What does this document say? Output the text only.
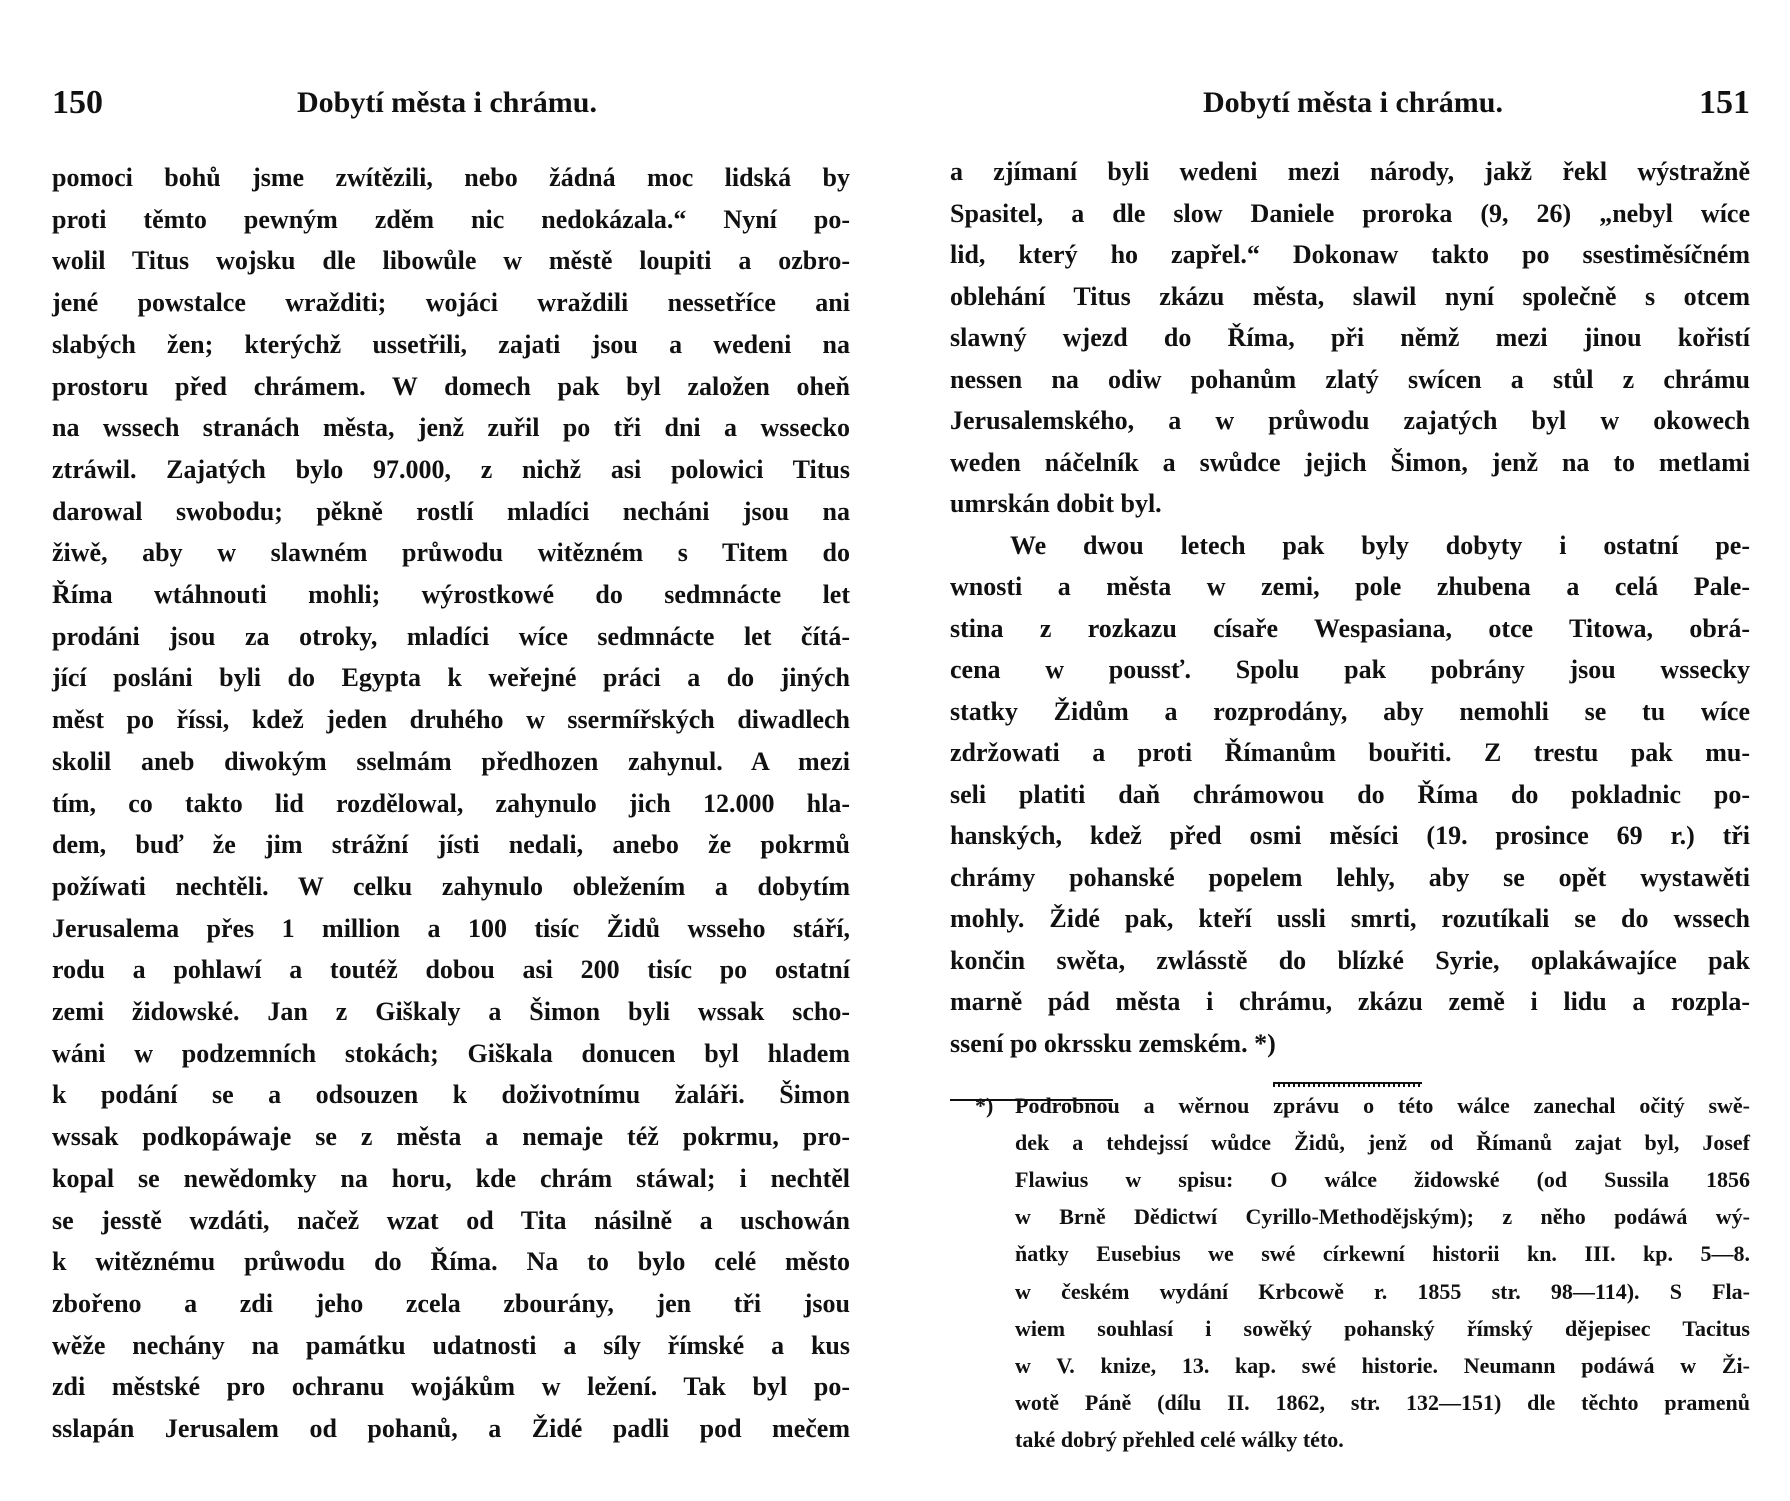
150	Dobytí města i chrámu.	Dobytí města i chrámu.	151
pomoci bohů jsme zwítězili, nebo žádná moc lidská by
proti těmto pewným zděm nic nedokázala.“ Nyní po-
wolil Titus wojsku dle libowůle w městě loupiti a ozbro-
jené powstalce wražditi; wojáci wraždili nessetříce ani
slabých žen; kterýchž ussetřili, zajati jsou a wedeni na
prostoru před chrámem. W domech pak byl založen oheň
na wssech stranách města, jenž zuřil po tři dni a wssecko
ztráwil. Zajatých bylo 97.000, z nichž asi polowici Titus
darowal swobodu; pěkně rostlí mladíci necháni jsou na
žiwě, aby w slawném průwodu witězném s Titem do
Říma wtáhnouti mohli; wýrostkowé do sedmnácte let
prodáni jsou za otroky, mladíci wíce sedmnácte let čítá-
jící posláni byli do Egypta k weřejné práci a do jiných
měst po říssi, kdež jeden druhého w ssermířských diwadlech
skolil aneb diwokým sselmám předhozen zahynul. A mezi
tím, co takto lid rozdělowal, zahynulo jich 12.000 hla-
dem, buď že jim strážní jísti nedali, anebo že pokrmů
požíwati nechtěli. W celku zahynulo obležením a dobytím
Jerusalema přes 1 million a 100 tisíc Židů wsseho stáří,
rodu a pohlawí a toutéž dobou asi 200 tisíc po ostatní
zemi židowské. Jan z Giškaly a Šimon byli wssak scho-
wáni w podzemních stokách; Giškala donucen byl hladem
k podání se a odsouzen k doživotnímu žaláři. Šimon
wssak podkopáwaje se z města a nemaje též pokrmu, pro-
kopal se newědomky na horu, kde chrám stáwal; i nechtěl
se jesstě wzdáti, načež wzat od Tita násilně a uschowán
k witěznému průwodu do Říma. Na to bylo celé město
zbořeno a zdi jeho zcela zbourány, jen tři jsou
wěže nechány na památku udatnosti a síly římské a kus
zdi městské pro ochranu wojákům w ležení. Tak byl po-
sslapán Jerusalem od pohanů, a Židé padli pod mečem
a zjímaní byli wedeni mezi národy, jakž řekl wýstražně
Spasitel, a dle slow Daniele proroka (9, 26) „nebyl wíce
lid, který ho zapřel.“ Dokonaw takto po ssestiměsíčném
oblehání Titus zkázu města, slawil nyní společně s otcem
slawný wjezd do Říma, při němž mezi jinou kořistí
nessen na odiw pohanům zlatý swícen a stůl z chrámu
Jerusalemského, a w průwodu zajatých byl w okowech
weden náčelník a swůdce jejich Šimon, jenž na to metlami
umrskán dobit byl.
We dwou letech pak byly dobyty i ostatní pe-
wnosti a města w zemi, pole zhubena a celá Pale-
stina z rozkazu císaře Wespasiana, otce Titowa, obrá-
cena w poussť. Spolu pak pobrány jsou wssecky
statky Židům a rozprodány, aby nemohli se tu wíce
zdržowati a proti Římanům bouřiti. Z trestu pak mu-
seli platiti daň chrámowou do Říma do pokladnic po-
hanských, kdež před osmi měsíci (19. prosince 69 r.) tři
chrámy pohanské popelem lehly, aby se opět wystawěti
mohly. Židé pak, kteří ussli smrti, rozutíkali se do wssech
končin swěta, zwlásstě do blízké Syrie, oplakáwajíce pak
marně pád města i chrámu, zkázu země i lidu a rozpla-
ssení po okrssku zemském. *)
*) Podrobnou a wěrnou zprávu o této wálce zanechal očitý swě-
dek a tehdejssí wůdce Židů, jenž od Římanů zajat byl, Josef
Flawius w spisu: O wálce židowské (od Sussila 1856
w Brně Dědictwí Cyrillo-Methodějským); z něho podáwá wý-
ňatky Eusebius we swé církewní historii kn. III. kp. 5—8.
w českém wydání Krbcowě r. 1855 str. 98—114). S Fla-
wiem souhlasí i sowěký pohanský římský dějepisec Tacitus
w V. knize, 13. kap. swé historie. Neumann podáwá w Ži-
wotě Páně (dílu II. 1862, str. 132—151) dle těchto pramenů
také dobrý přehled celé wálky této.
